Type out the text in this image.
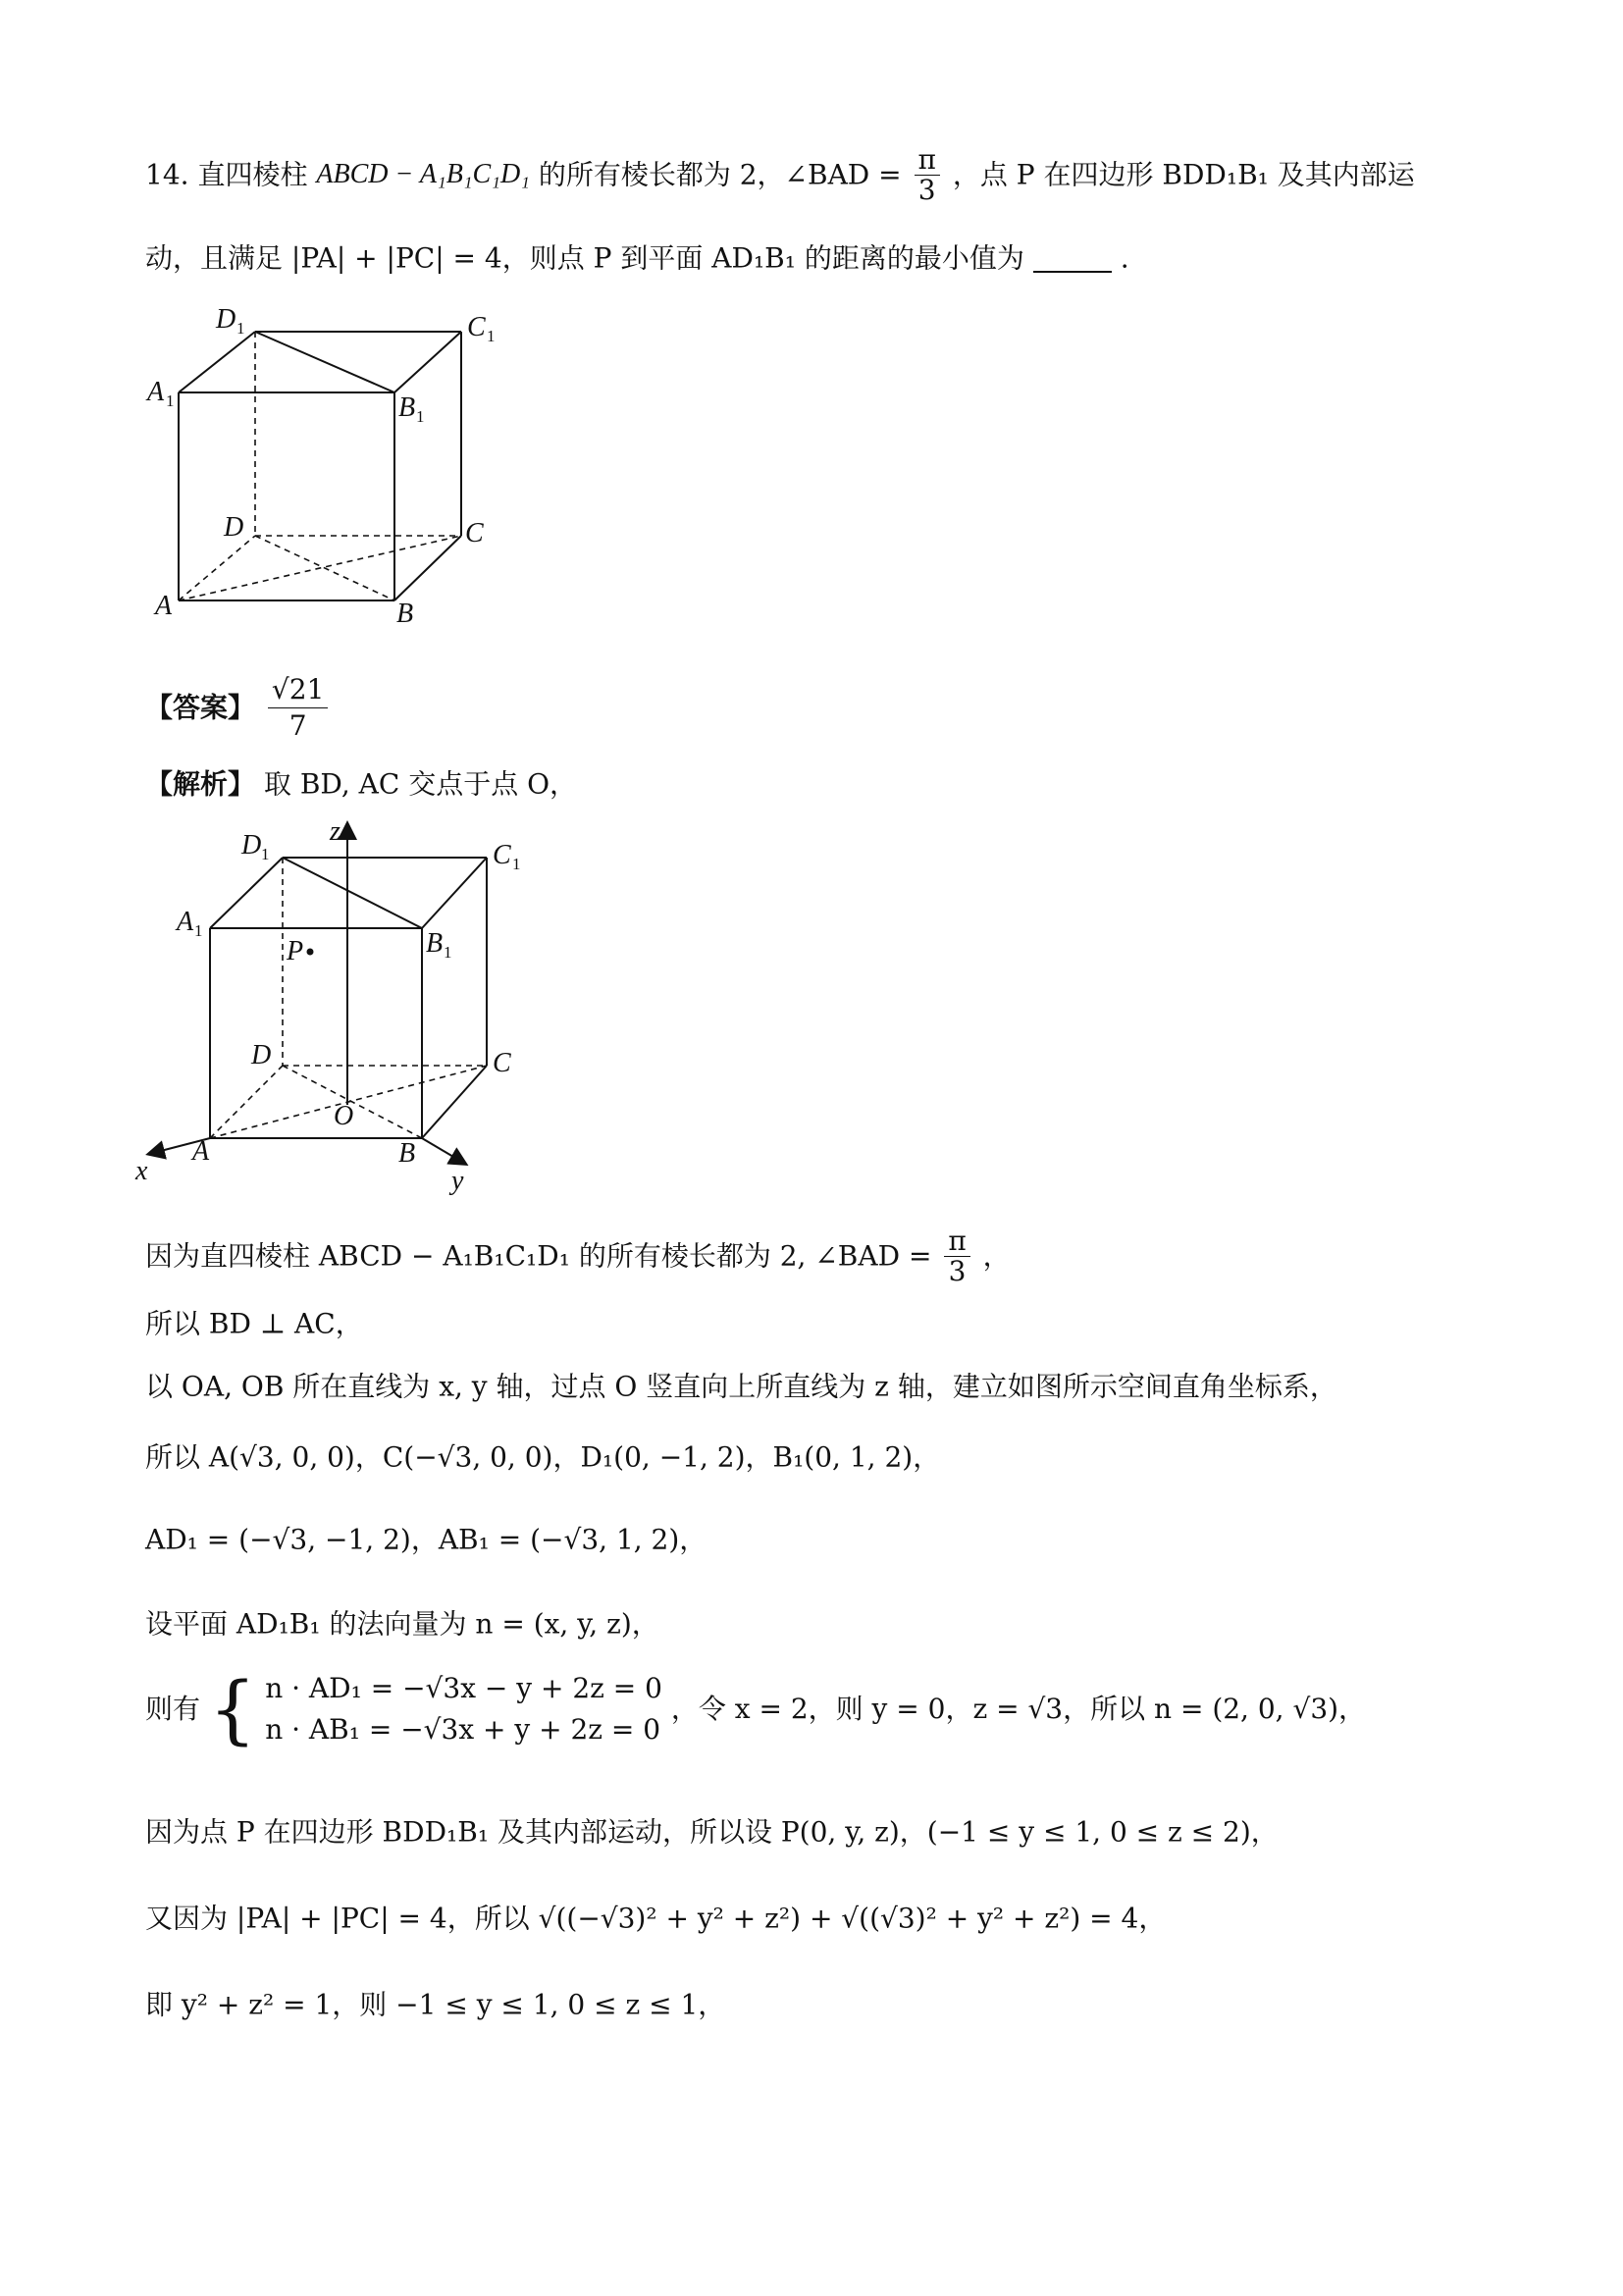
14. 直四棱柱 ABCD − A₁B₁C₁D₁ 的所有棱长都为 2，∠BAD = $\frac{\pi}{3}$ ，点 P 在四边形 BDD₁B₁ 及其内部运
动，且满足 |PA| + |PC| = 4，则点 P 到平面 AD₁B₁ 的距离的最小值为	.
D 1	C 1
A 1	B 1
D	C
A	B
【答案】 $\frac{√21}{7}$
【解析】 取 BD, AC 交点于点 O，
z
x	y
O
P
D 1	C 1
A 1	B 1
D	C
A	B
因为直四棱柱 ABCD − A₁B₁C₁D₁ 的所有棱长都为 2, ∠BAD = $\frac{\pi}{3}$ ，
所以 BD ⊥ AC，
以 OA, OB 所在直线为 x, y 轴，过点 O 竖直向上所直线为 z 轴，建立如图所示空间直角坐标系，
所以 A(√3, 0, 0)，C(−√3, 0, 0)，D₁(0, −1, 2)，B₁(0, 1, 2)，
AD₁ = (−√3, −1, 2)，AB₁ = (−√3, 1, 2)，
设平面 AD₁B₁ 的法向量为 n = (x, y, z)，
则有 { n · AD₁ = −√3x − y + 2z = 0
n · AB₁ = −√3x + y + 2z = 0
，令 x = 2，则 y = 0，z = √3，所以 n = (2, 0, √3)，
因为点 P 在四边形 BDD₁B₁ 及其内部运动，所以设 P(0, y, z)，(−1 ≤ y ≤ 1, 0 ≤ z ≤ 2)，
又因为 |PA| + |PC| = 4，所以 √((−√3)² + y² + z²) + √((√3)² + y² + z²) = 4，
即 y² + z² = 1，则 −1 ≤ y ≤ 1, 0 ≤ z ≤ 1，
